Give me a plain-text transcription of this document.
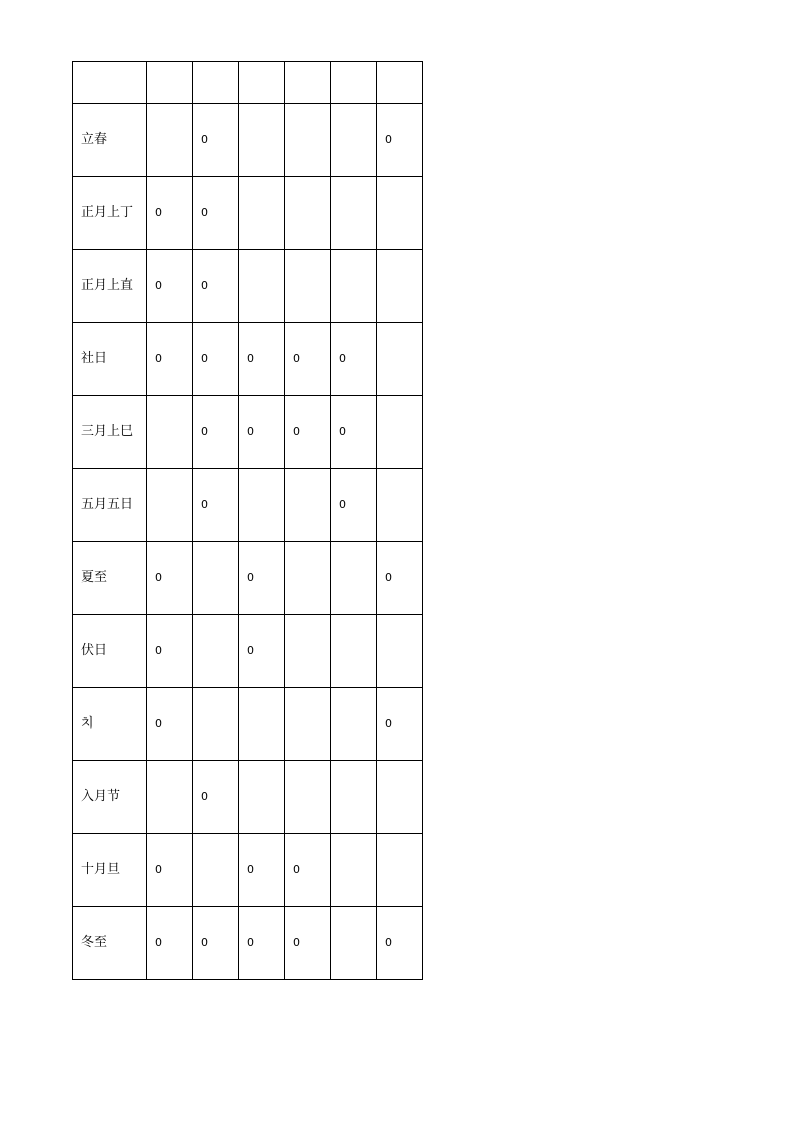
立春		0				0
正月上丁	0	0				
正月上直	0	0				
社日	0	0	0	0	0	
三月上巳		0	0	0	0	
五月五日		0			0	
夏至	0		0			0
伏日	0		0			
치	0					0
入月节		0				
十月旦	0		0	0		
冬至	0	0	0	0		0
